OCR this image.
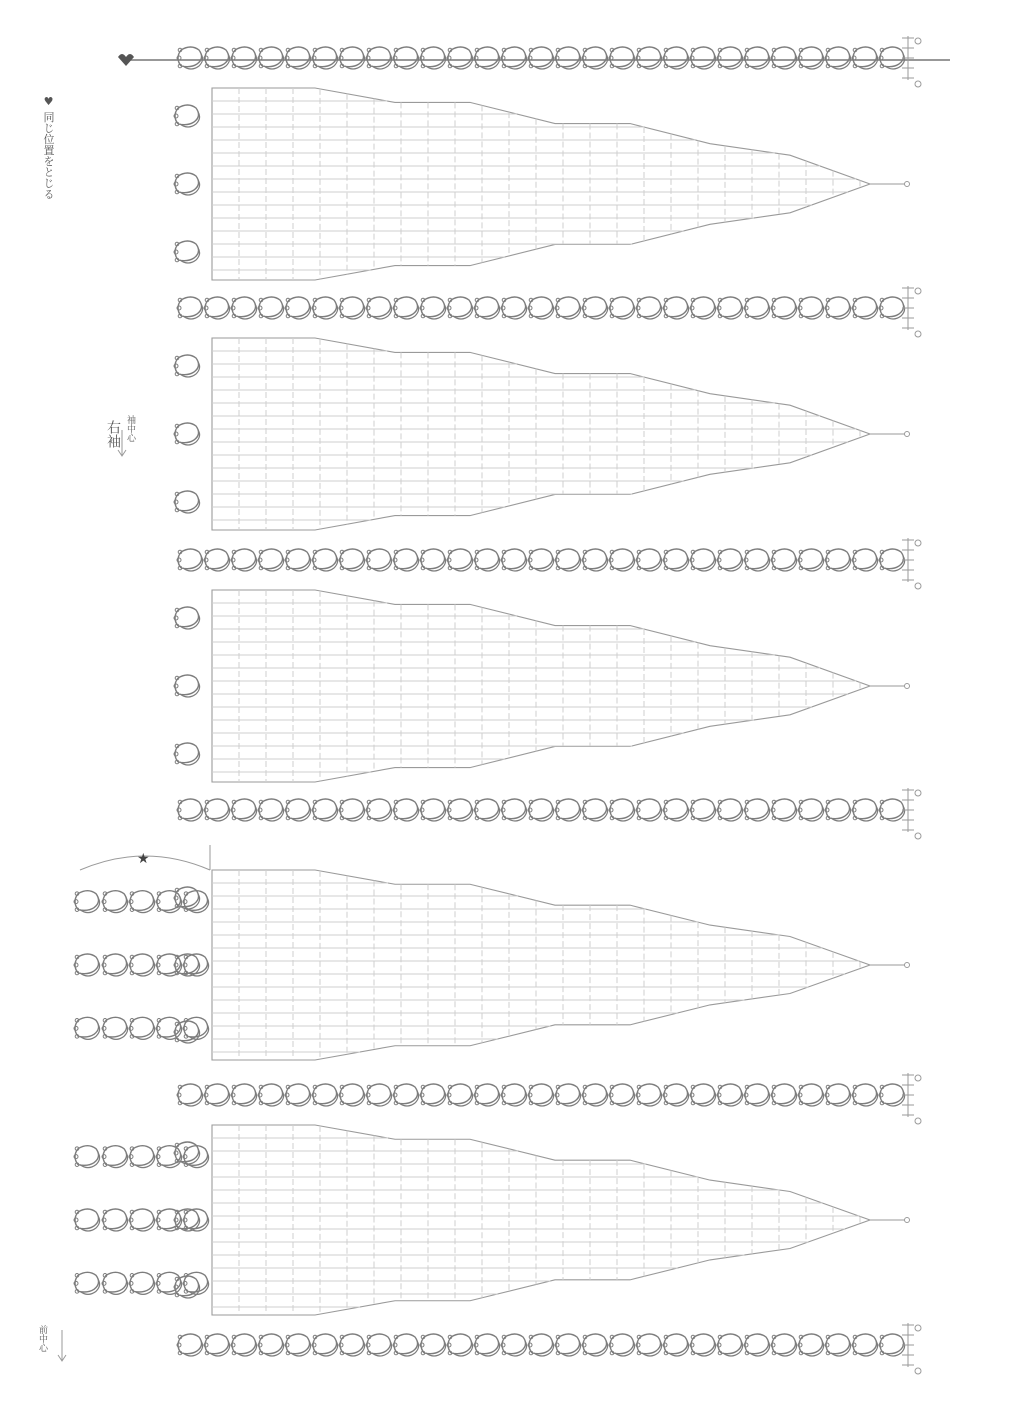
♥ 同じ位置をとじる
右袖 袖中心
前中心
★
